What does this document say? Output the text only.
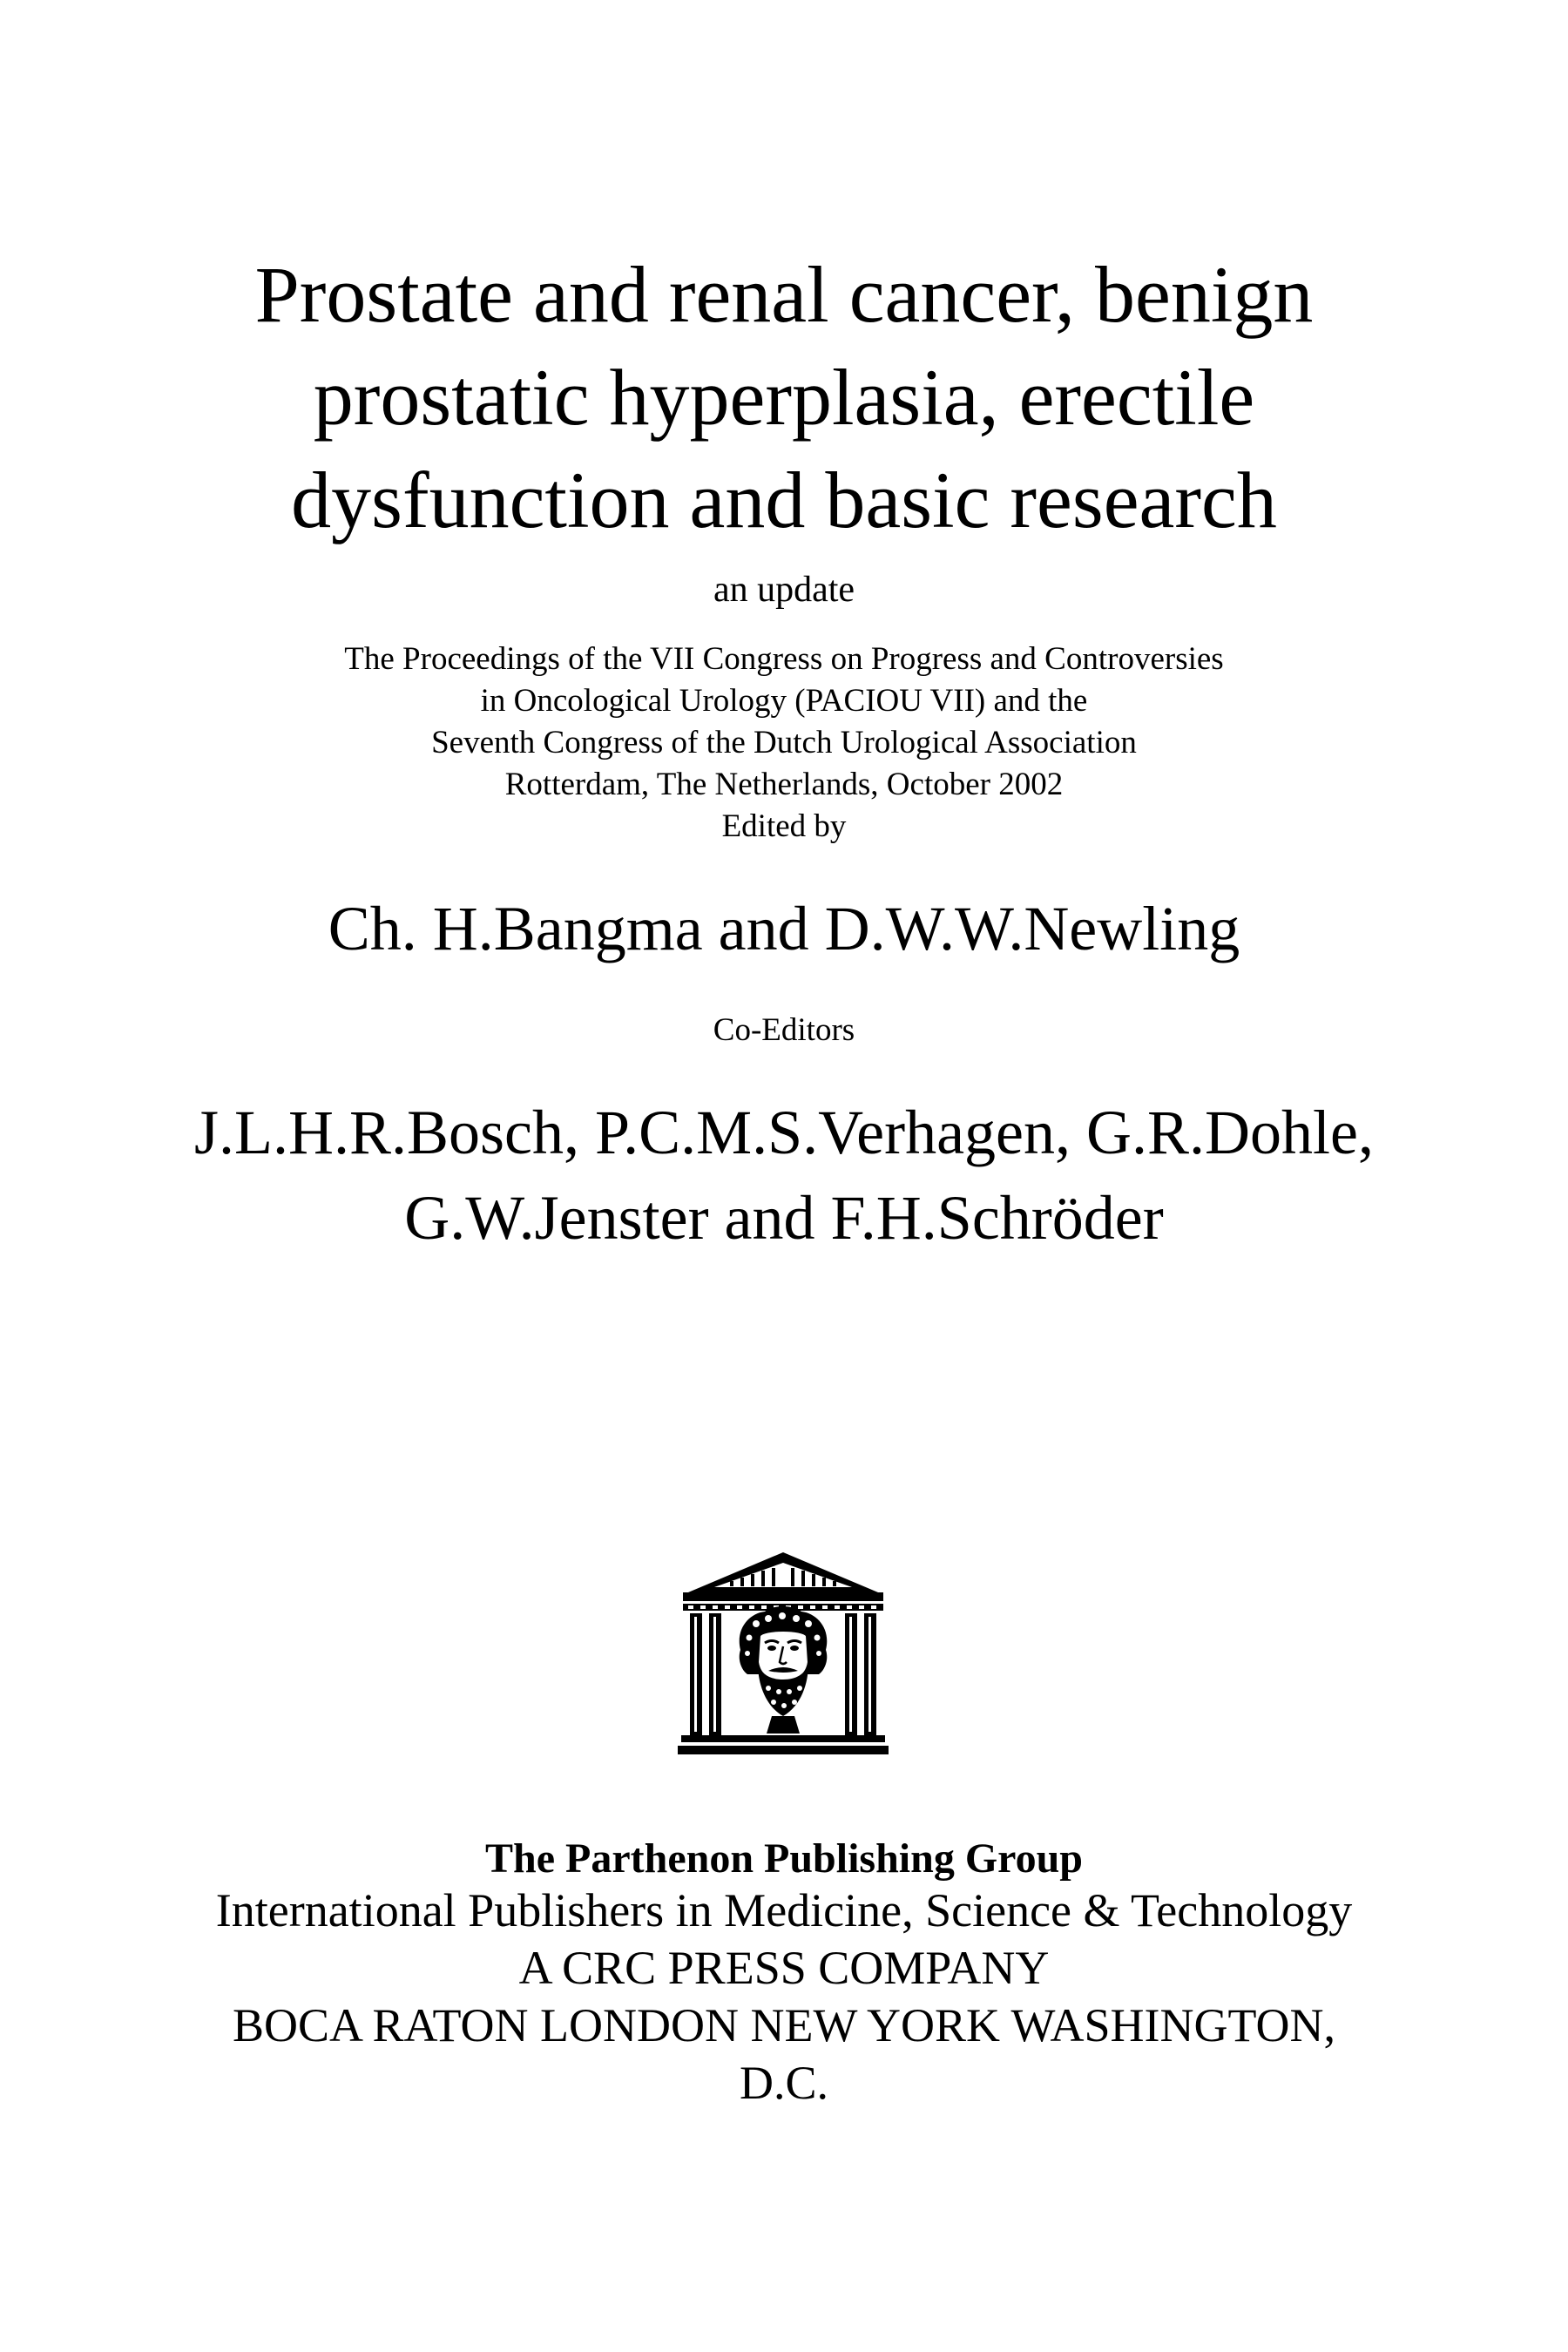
Prostate and renal cancer, benign
prostatic hyperplasia, erectile
dysfunction and basic research
an update
The Proceedings of the VII Congress on Progress and Controversies
in Oncological Urology (PACIOU VII) and the
Seventh Congress of the Dutch Urological Association
Rotterdam, The Netherlands, October 2002
Edited by
Ch. H.Bangma and D.W.W.Newling
Co-Editors
J.L.H.R.Bosch, P.C.M.S.Verhagen, G.R.Dohle,
G.W.Jenster and F.H.Schröder
The Parthenon Publishing Group
International Publishers in Medicine, Science & Technology
A CRC PRESS COMPANY
BOCA RATON LONDON NEW YORK WASHINGTON,
D.C.
